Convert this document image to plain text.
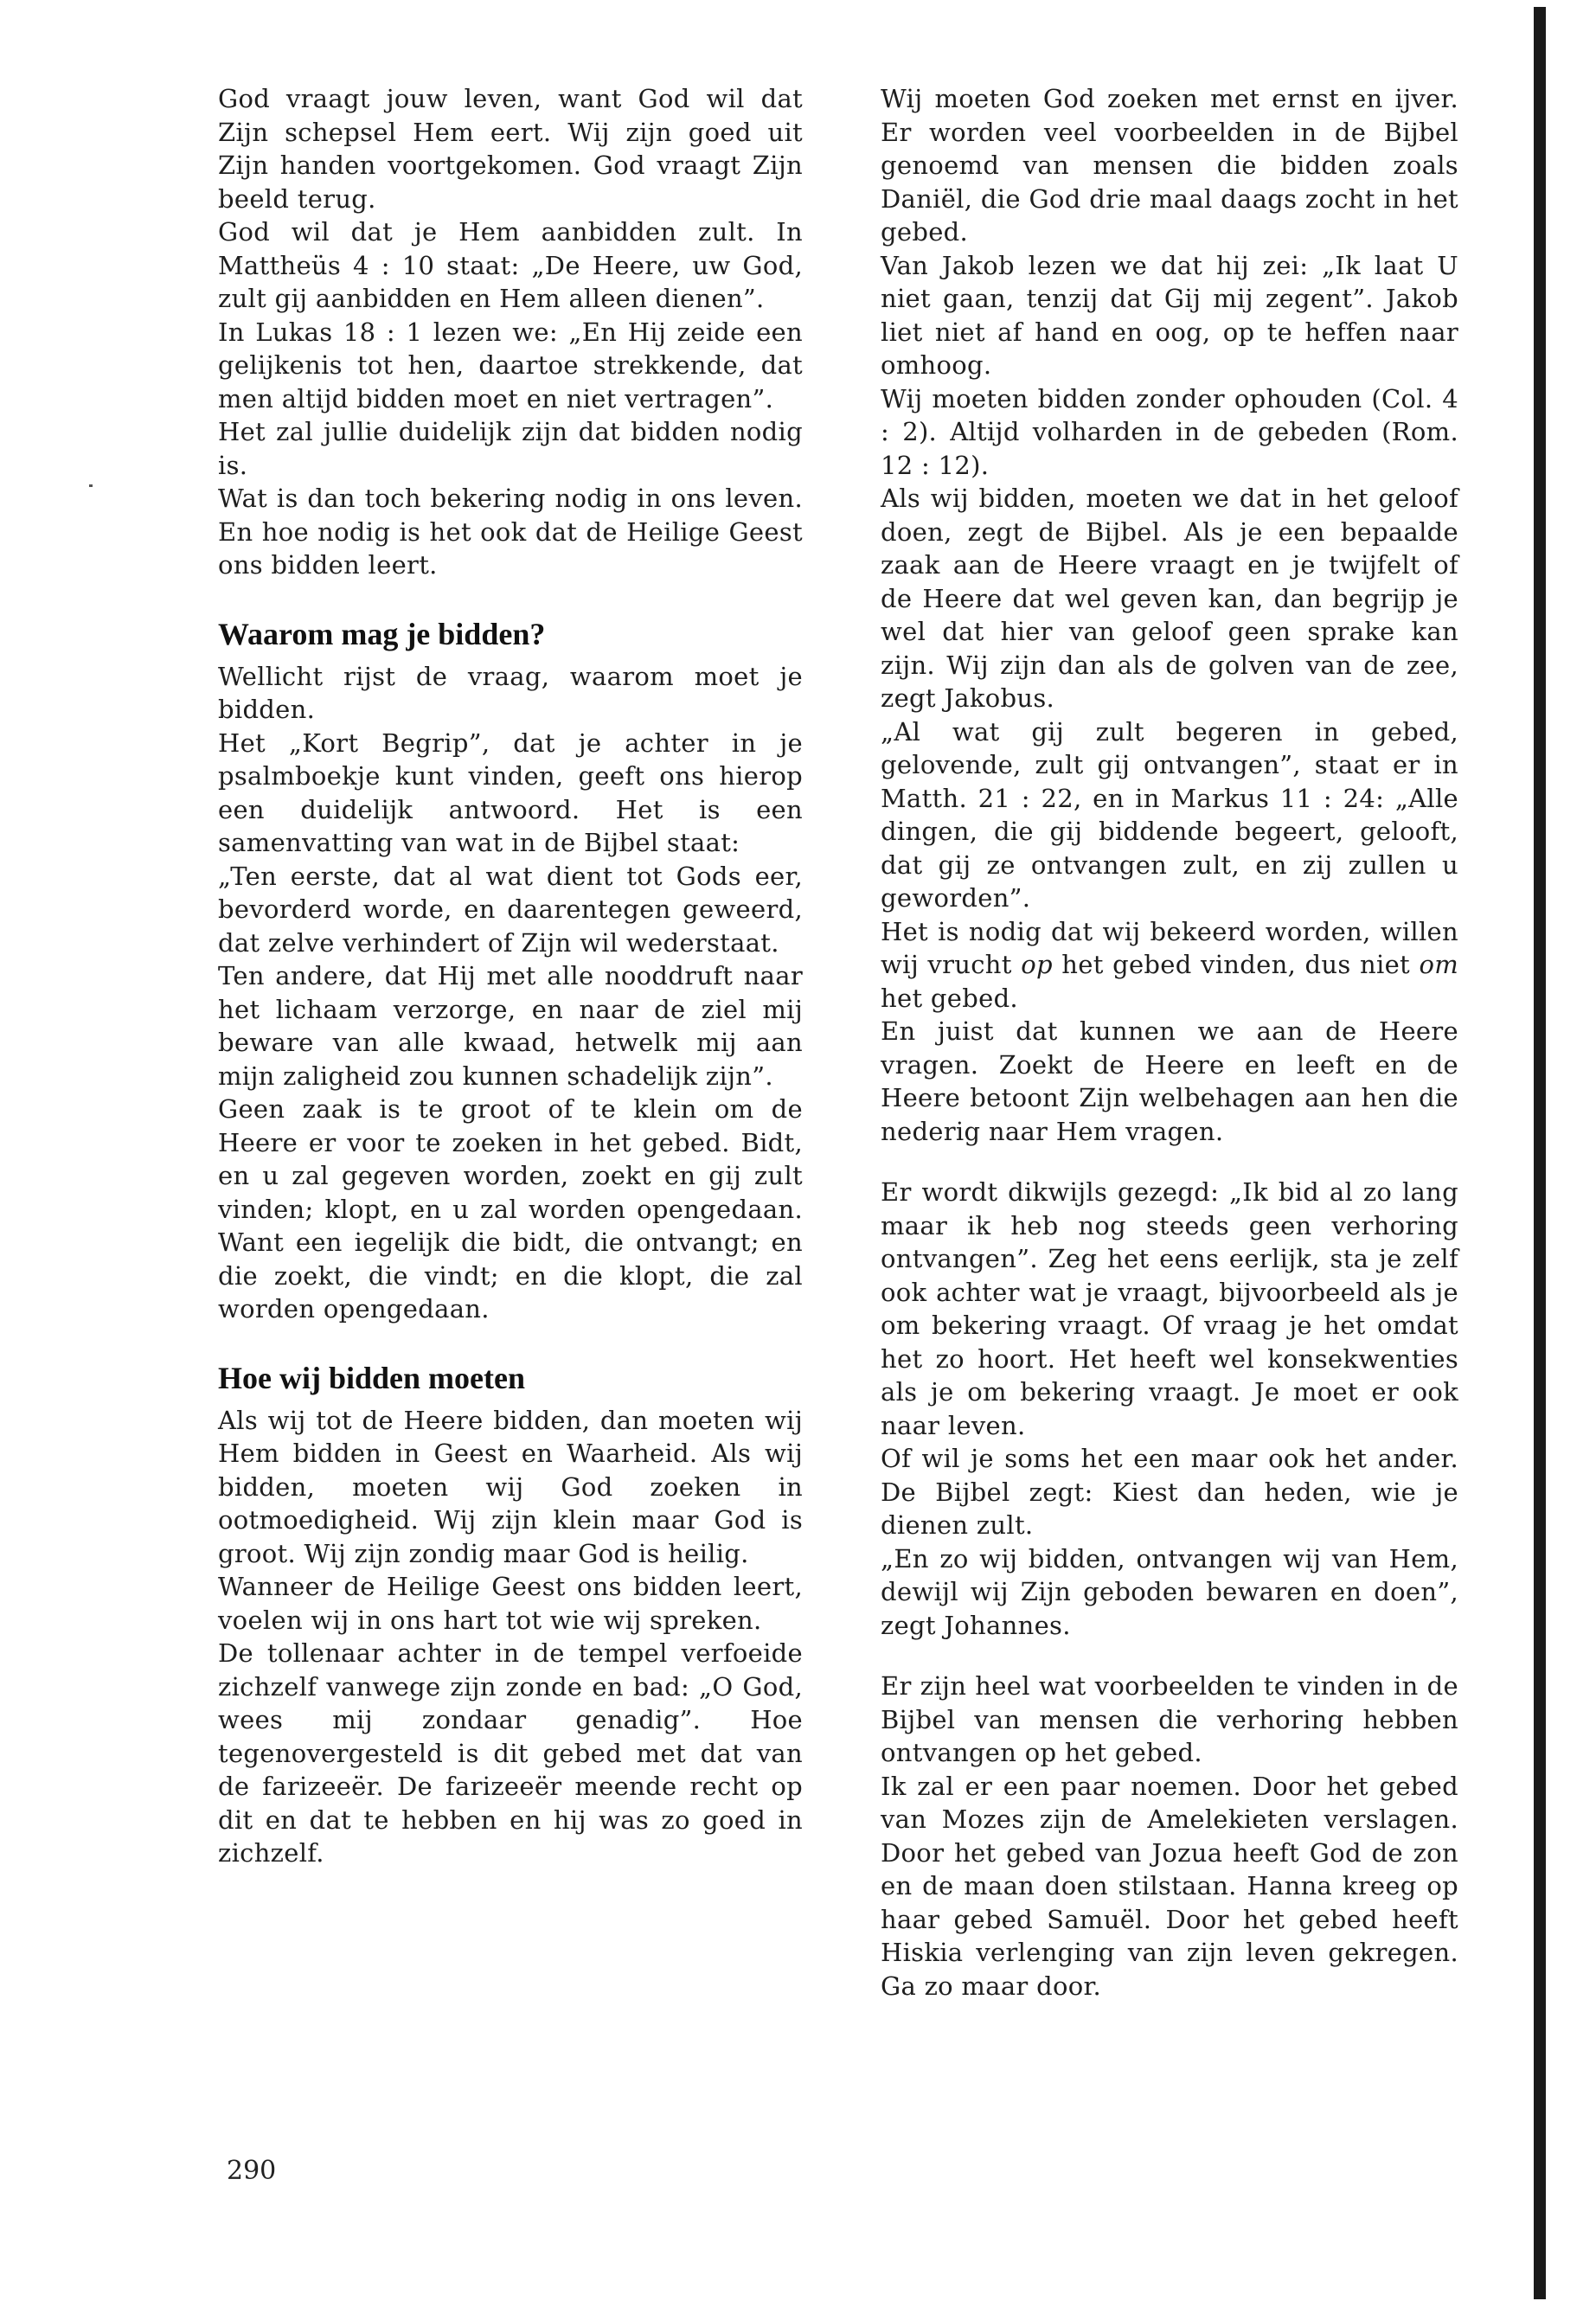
God vraagt jouw leven, want God wil dat Zijn schepsel Hem eert. Wij zijn goed uit Zijn handen voortgekomen. God vraagt Zijn beeld terug.

God wil dat je Hem aanbidden zult. In Mattheüs 4 : 10 staat: „De Heere, uw God, zult gij aanbidden en Hem alleen dienen”.

In Lukas 18 : 1 lezen we: „En Hij zeide een gelijkenis tot hen, daartoe strekkende, dat men altijd bidden moet en niet vertragen”.

Het zal jullie duidelijk zijn dat bidden nodig is.

Wat is dan toch bekering nodig in ons leven. En hoe nodig is het ook dat de Heilige Geest ons bidden leert.

Waarom mag je bidden?

Wellicht rijst de vraag, waarom moet je bidden.

Het „Kort Begrip”, dat je achter in je psalmboekje kunt vinden, geeft ons hierop een duidelijk antwoord. Het is een samenvatting van wat in de Bijbel staat:

„Ten eerste, dat al wat dient tot Gods eer, bevorderd worde, en daarentegen geweerd, dat zelve verhindert of Zijn wil wederstaat.

Ten andere, dat Hij met alle nooddruft naar het lichaam verzorge, en naar de ziel mij beware van alle kwaad, hetwelk mij aan mijn zaligheid zou kunnen schadelijk zijn”.

Geen zaak is te groot of te klein om de Heere er voor te zoeken in het gebed. Bidt, en u zal gegeven worden, zoekt en gij zult vinden; klopt, en u zal worden opengedaan. Want een iegelijk die bidt, die ontvangt; en die zoekt, die vindt; en die klopt, die zal worden opengedaan.

Hoe wij bidden moeten

Als wij tot de Heere bidden, dan moeten wij Hem bidden in Geest en Waarheid. Als wij bidden, moeten wij God zoeken in ootmoedigheid. Wij zijn klein maar God is groot. Wij zijn zondig maar God is heilig.

Wanneer de Heilige Geest ons bidden leert, voelen wij in ons hart tot wie wij spreken.

De tollenaar achter in de tempel verfoeide zichzelf vanwege zijn zonde en bad: „O God, wees mij zondaar genadig”. Hoe tegenovergesteld is dit gebed met dat van de farizeeër. De farizeeër meende recht op dit en dat te hebben en hij was zo goed in zichzelf.

Wij moeten God zoeken met ernst en ijver. Er worden veel voorbeelden in de Bijbel genoemd van mensen die bidden zoals Daniël, die God drie maal daags zocht in het gebed.

Van Jakob lezen we dat hij zei: „Ik laat U niet gaan, tenzij dat Gij mij zegent”. Jakob liet niet af hand en oog, op te heffen naar omhoog.

Wij moeten bidden zonder ophouden (Col. 4 : 2). Altijd volharden in de gebeden (Rom. 12 : 12).

Als wij bidden, moeten we dat in het geloof doen, zegt de Bijbel. Als je een bepaalde zaak aan de Heere vraagt en je twijfelt of de Heere dat wel geven kan, dan begrijp je wel dat hier van geloof geen sprake kan zijn. Wij zijn dan als de golven van de zee, zegt Jakobus.

„Al wat gij zult begeren in gebed, gelovende, zult gij ontvangen”, staat er in Matth. 21 : 22, en in Markus 11 : 24: „Alle dingen, die gij biddende begeert, gelooft, dat gij ze ontvangen zult, en zij zullen u geworden”.

Het is nodig dat wij bekeerd worden, willen wij vrucht op het gebed vinden, dus niet om het gebed.

En juist dat kunnen we aan de Heere vragen. Zoekt de Heere en leeft en de Heere betoont Zijn welbehagen aan hen die nederig naar Hem vragen.

Er wordt dikwijls gezegd: „Ik bid al zo lang maar ik heb nog steeds geen verhoring ontvangen”. Zeg het eens eerlijk, sta je zelf ook achter wat je vraagt, bijvoorbeeld als je om bekering vraagt. Of vraag je het omdat het zo hoort. Het heeft wel konsekwenties als je om bekering vraagt. Je moet er ook naar leven.

Of wil je soms het een maar ook het ander. De Bijbel zegt: Kiest dan heden, wie je dienen zult.

„En zo wij bidden, ontvangen wij van Hem, dewijl wij Zijn geboden bewaren en doen”, zegt Johannes.

Er zijn heel wat voorbeelden te vinden in de Bijbel van mensen die verhoring hebben ontvangen op het gebed.

Ik zal er een paar noemen. Door het gebed van Mozes zijn de Amelekieten verslagen. Door het gebed van Jozua heeft God de zon en de maan doen stilstaan. Hanna kreeg op haar gebed Samuël. Door het gebed heeft Hiskia verlenging van zijn leven gekregen. Ga zo maar door.

290
